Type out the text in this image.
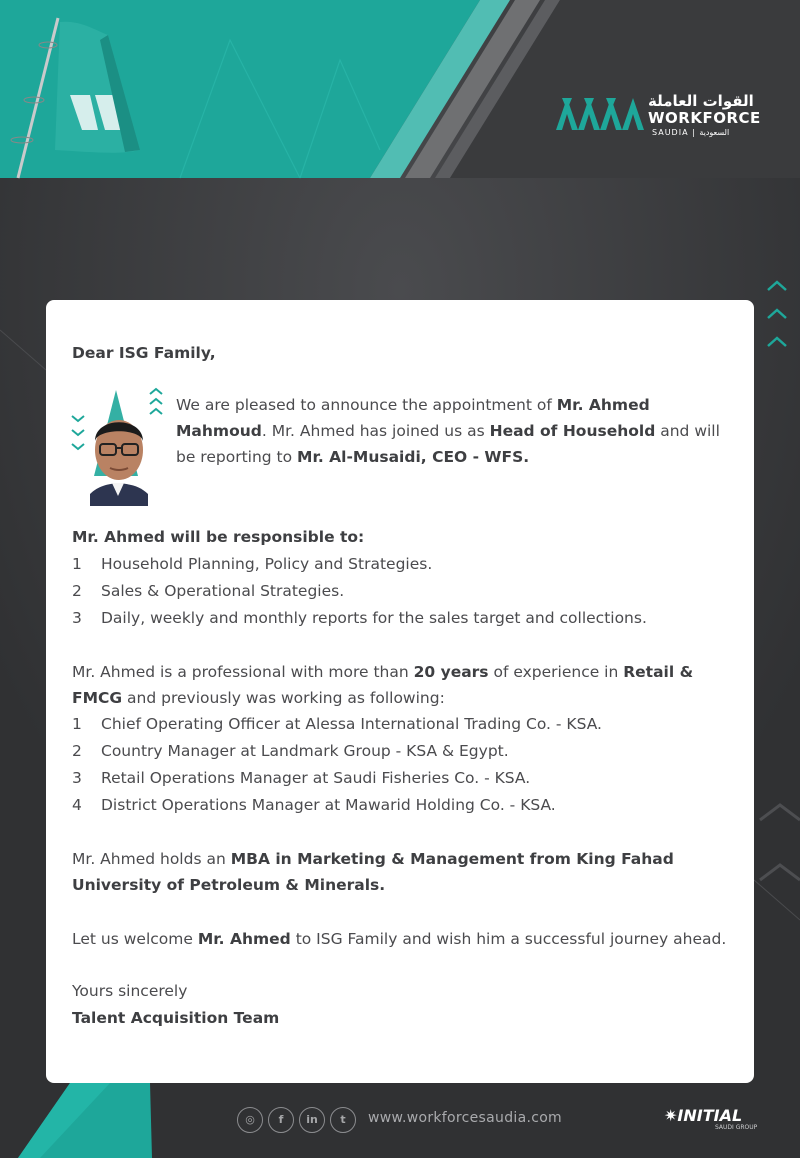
القوات العاملة
WORKFORCE
SAUDIA | السعودية
Dear ISG Family,
We are pleased to announce the appointment of Mr. Ahmed Mahmoud. Mr. Ahmed has joined us as Head of Household and will be reporting to Mr. Al-Musaidi, CEO - WFS.
Mr. Ahmed will be responsible to:
1 Household Planning, Policy and Strategies.
2 Sales & Operational Strategies.
3 Daily, weekly and monthly reports for the sales target and collections.
Mr. Ahmed is a professional with more than 20 years of experience in Retail & FMCG and previously was working as following:
1 Chief Operating Officer at Alessa International Trading Co. - KSA.
2 Country Manager at Landmark Group - KSA & Egypt.
3 Retail Operations Manager at Saudi Fisheries Co. - KSA.
4 District Operations Manager at Mawarid Holding Co. - KSA.
Mr. Ahmed holds an MBA in Marketing & Management from King Fahad University of Petroleum & Minerals.
Let us welcome Mr. Ahmed to ISG Family and wish him a successful journey ahead.
Yours sincerely
Talent Acquisition Team
◎	f	in	t	www.workforcesaudia.com	✷INITIAL
SAUDI GROUP
